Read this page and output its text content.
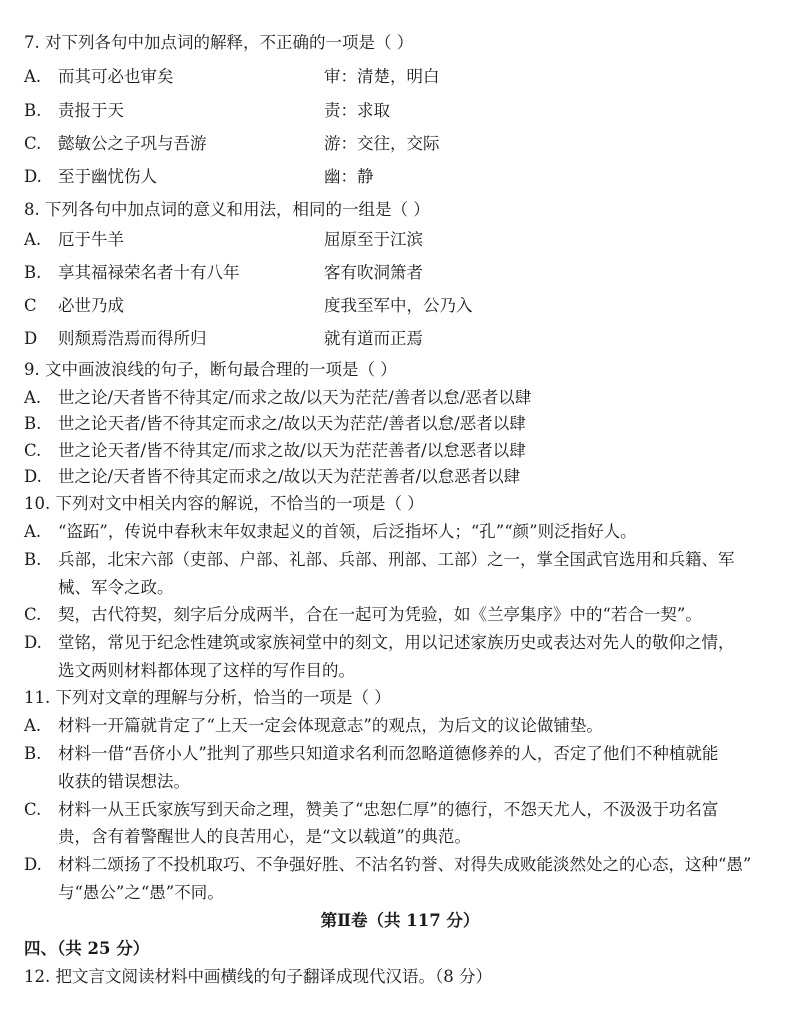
7. 对下列各句中加点词的解释，不正确的一项是（ ）
A. 而其可必也审矣	审：清楚，明白
B. 责报于天	责：求取
C. 懿敏公之子巩与吾游	游：交往，交际
D. 至于幽忧伤人	幽：静
8. 下列各句中加点词的意义和用法，相同的一组是（ ）
A. 厄于牛羊	屈原至于江滨
B. 享其福禄荣名者十有八年	客有吹洞箫者
C 必世乃成	度我至军中，公乃入
D 则颓焉浩焉而得所归	就有道而正焉
9. 文中画波浪线的句子，断句最合理的一项是（ ）
A. 世之论/天者皆不待其定/而求之故/以天为茫茫/善者以怠/恶者以肆
B. 世之论天者/皆不待其定而求之/故以天为茫茫/善者以怠/恶者以肆
C. 世之论天者/皆不待其定/而求之故/以天为茫茫善者/以怠恶者以肆
D. 世之论/天者皆不待其定而求之/故以天为茫茫善者/以怠恶者以肆
10. 下列对文中相关内容的解说，不恰当的一项是（ ）
A. “盗跖”，传说中春秋末年奴隶起义的首领，后泛指坏人；“孔”“颜”则泛指好人。
B. 兵部，北宋六部（吏部、户部、礼部、兵部、刑部、工部）之一，掌全国武官选用和兵籍、军
械、军令之政。
C. 契，古代符契，刻字后分成两半，合在一起可为凭验，如《兰亭集序》中的“若合一契”。
D. 堂铭，常见于纪念性建筑或家族祠堂中的刻文，用以记述家族历史或表达对先人的敬仰之情，
选文两则材料都体现了这样的写作目的。
11. 下列对文章的理解与分析，恰当的一项是（ ）
A. 材料一开篇就肯定了“上天一定会体现意志”的观点，为后文的议论做铺垫。
B. 材料一借“吾侪小人”批判了那些只知道求名利而忽略道德修养的人，否定了他们不种植就能
收获的错误想法。
C. 材料一从王氏家族写到天命之理，赞美了“忠恕仁厚”的德行，不怨天尤人，不汲汲于功名富
贵，含有着警醒世人的良苦用心，是“文以载道”的典范。
D. 材料二颂扬了不投机取巧、不争强好胜、不沽名钓誉、对得失成败能淡然处之的心态，这种“愚”
与“愚公”之“愚”不同。
第Ⅱ卷（共 117 分）
四、（共 25 分）
12. 把文言文阅读材料中画横线的句子翻译成现代汉语。（8 分）
